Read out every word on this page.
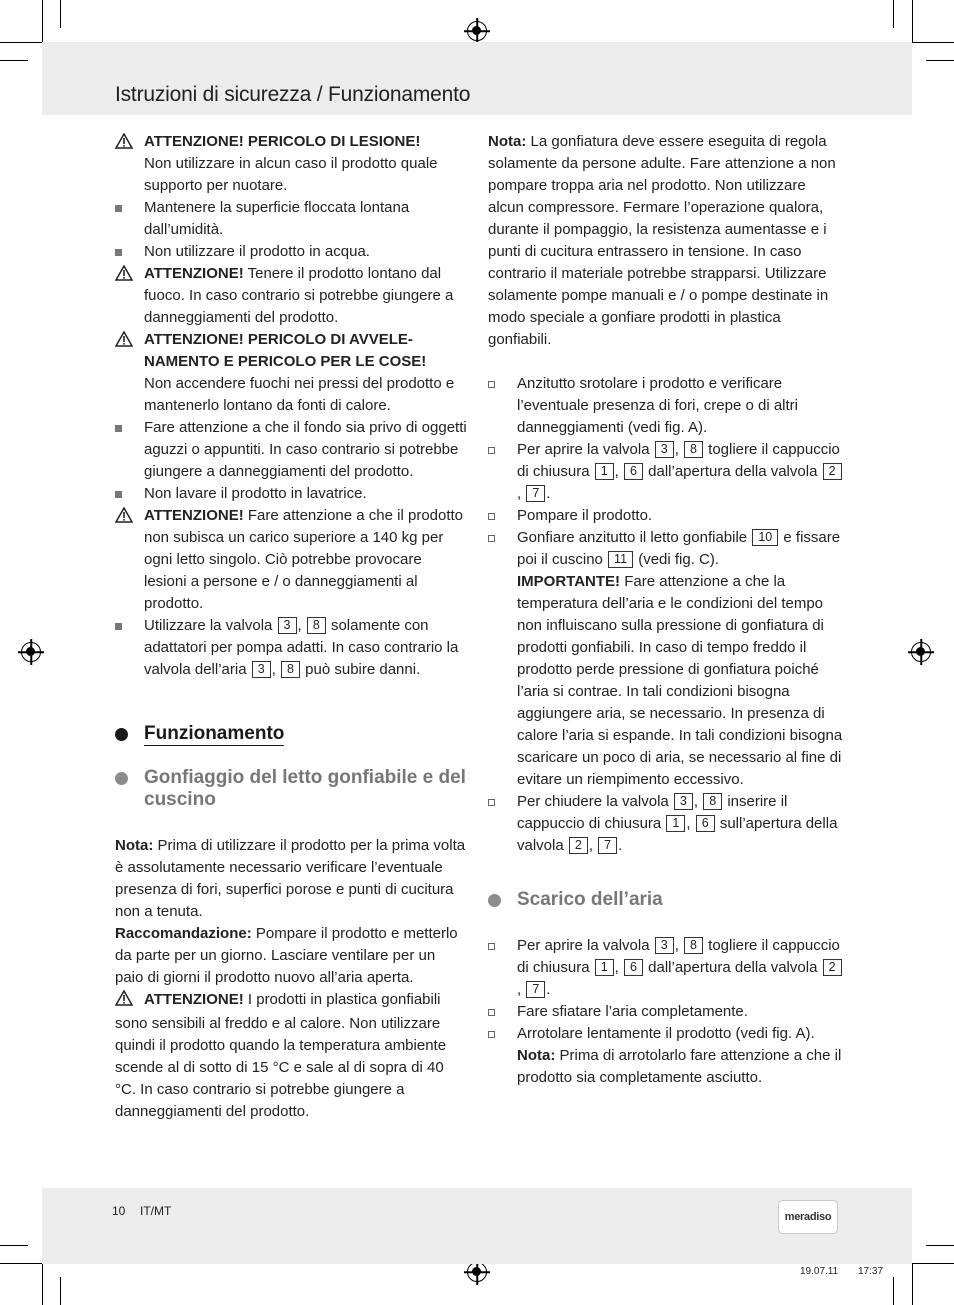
Istruzioni di sicurezza / Funzionamento
ATTENZIONE! PERICOLO DI LESIONE!
Non utilizzare in alcun caso il prodotto quale supporto per nuotare.
Mantenere la superficie floccata lontana dall’umidità.
Non utilizzare il prodotto in acqua.
ATTENZIONE! Tenere il prodotto lontano dal fuoco. In caso contrario si potrebbe giungere a danneggiamenti del prodotto.
ATTENZIONE! PERICOLO DI AVVELE-NAMENTO E PERICOLO PER LE COSE!
Non accendere fuochi nei pressi del prodotto e mantenerlo lontano da fonti di calore.
Fare attenzione a che il fondo sia privo di oggetti aguzzi o appuntiti. In caso contrario si potrebbe giungere a danneggiamenti del prodotto.
Non lavare il prodotto in lavatrice.
ATTENZIONE! Fare attenzione a che il prodotto non subisca un carico superiore a 140 kg per ogni letto singolo. Ciò potrebbe provocare lesioni a persone e / o danneggiamenti al prodotto.
Utilizzare la valvola 3 , 8 solamente con adattatori per pompa adatti. In caso contrario la valvola dell’aria 3 , 8 può subire danni.
Funzionamento
Gonfiaggio del letto gonfiabile e del cuscino
Nota: Prima di utilizzare il prodotto per la prima volta è assolutamente necessario verificare l’eventuale presenza di fori, superfici porose e punti di cucitura non a tenuta.
Raccomandazione: Pompare il prodotto e metterlo da parte per un giorno. Lasciare ventilare per un paio di giorni il prodotto nuovo all’aria aperta.
ATTENZIONE! I prodotti in plastica gonfiabili sono sensibili al freddo e al calore. Non utilizzare quindi il prodotto quando la temperatura ambiente scende al di sotto di 15 °C e sale al di sopra di 40 °C. In caso contrario si potrebbe giungere a danneggiamenti del prodotto.
Nota: La gonfiatura deve essere eseguita di regola solamente da persone adulte. Fare attenzione a non pompare troppa aria nel prodotto. Non utilizzare alcun compressore. Fermare l’operazione qualora, durante il pompaggio, la resistenza aumentasse e i punti di cucitura entrassero in tensione. In caso contrario il materiale potrebbe strapparsi. Utilizzare solamente pompe manuali e / o pompe destinate in modo speciale a gonfiare prodotti in plastica gonfiabili.
Anzitutto srotolare i prodotto e verificare l’eventuale presenza di fori, crepe o di altri danneggiamenti (vedi fig. A).
Per aprire la valvola 3 , 8 togliere il cappuccio di chiusura 1 , 6 dall’apertura della valvola 2, 7 .
Pompare il prodotto.
Gonfiare anzitutto il letto gonfiabile 10 e fissare poi il cuscino 11 (vedi fig. C).
IMPORTANTE! Fare attenzione a che la temperatura dell’aria e le condizioni del tempo non influiscano sulla pressione di gonfiatura di prodotti gonfiabili. In caso di tempo freddo il prodotto perde pressione di gonfiatura poiché l’aria si contrae. In tali condizioni bisogna aggiungere aria, se necessario. In presenza di calore l’aria si espande. In tali condizioni bisogna scaricare un poco di aria, se necessario al fine di evitare un riempimento eccessivo.
Per chiudere la valvola 3 , 8 inserire il cappuccio di chiusura 1 , 6 sull’apertura della valvola 2 , 7 .
Scarico dell’aria
Per aprire la valvola 3 , 8 togliere il cappuccio di chiusura 1 , 6 dall’apertura della valvola 2, 7 .
Fare sfiatare l’aria completamente.
Arrotolare lentamente il prodotto (vedi fig. A).
Nota: Prima di arrotolarlo fare attenzione a che il prodotto sia completamente asciutto.
10 IT/MT	meradiso
19.07.11 17:37
